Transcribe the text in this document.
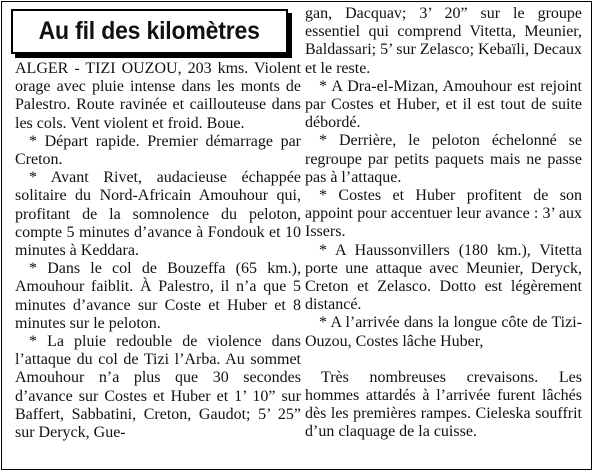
Au fil des kilomètres

ALGER - TIZI OUZOU, 203 kms. Violent orage avec pluie intense dans les monts de Palestro. Route ravinée et caillouteuse dans les cols. Vent violent et froid. Boue.

* Départ rapide. Premier démarrage par Creton.

* Avant Rivet, audacieuse échappée solitaire du Nord-Africain Amouhour qui, profitant de la somnolence du peloton, compte 5 minutes d’avance à Fondouk et 10 minutes à Keddara.

* Dans le col de Bouzeffa (65 km.), Amouhour faiblit. À Palestro, il n’a que 5 minutes d’avance sur Coste et Huber et 8 minutes sur le peloton.

* La pluie redouble de violence dans l’attaque du col de Tizi l’Arba. Au sommet Amouhour n’a plus que 30 secondes d’avance sur Costes et Huber et 1’ 10” sur Baffert, Sabbatini, Creton, Gaudot; 5’ 25” sur Deryck, Gue-

gan, Dacquav; 3’ 20” sur le groupe essentiel qui comprend Vitetta, Meunier, Baldassari; 5’ sur Zelasco; Kebaïli, Decaux et le reste.

* A Dra-el-Mizan, Amouhour est rejoint par Costes et Huber, et il est tout de suite débordé.

* Derrière, le peloton échelonné se regroupe par petits paquets mais ne passe pas à l’attaque.

* Costes et Huber profitent de son appoint pour accentuer leur avance : 3’ aux Issers.

* A Haussonvillers (180 km.), Vitetta porte une attaque avec Meunier, Deryck, Creton et Zelasco. Dotto est légèrement distancé.

* A l’arrivée dans la longue côte de Tizi-Ouzou, Costes lâche Huber,

Très nombreuses crevaisons. Les hommes attardés à l’arrivée furent lâchés dès les premières rampes. Cieleska souffrit d’un claquage de la cuisse.
